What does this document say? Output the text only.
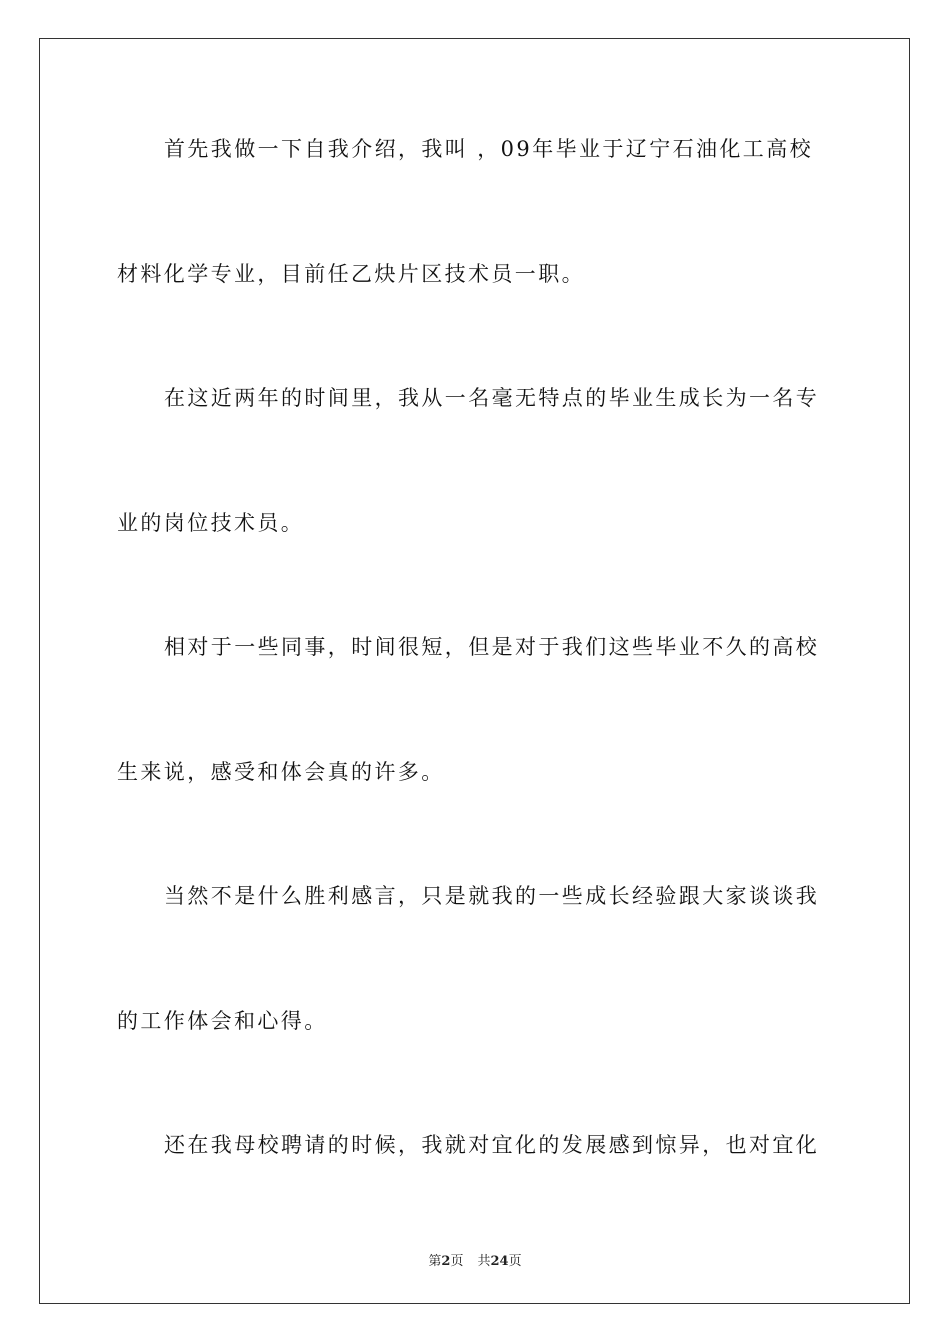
首先我做一下自我介绍，我叫 ，09年毕业于辽宁石油化工高校
材料化学专业，目前任乙炔片区技术员一职。
在这近两年的时间里，我从一名毫无特点的毕业生成长为一名专
业的岗位技术员。
相对于一些同事，时间很短，但是对于我们这些毕业不久的高校
生来说，感受和体会真的许多。
当然不是什么胜利感言，只是就我的一些成长经验跟大家谈谈我
的工作体会和心得。
还在我母校聘请的时候，我就对宜化的发展感到惊异，也对宜化
第2页 共24页
